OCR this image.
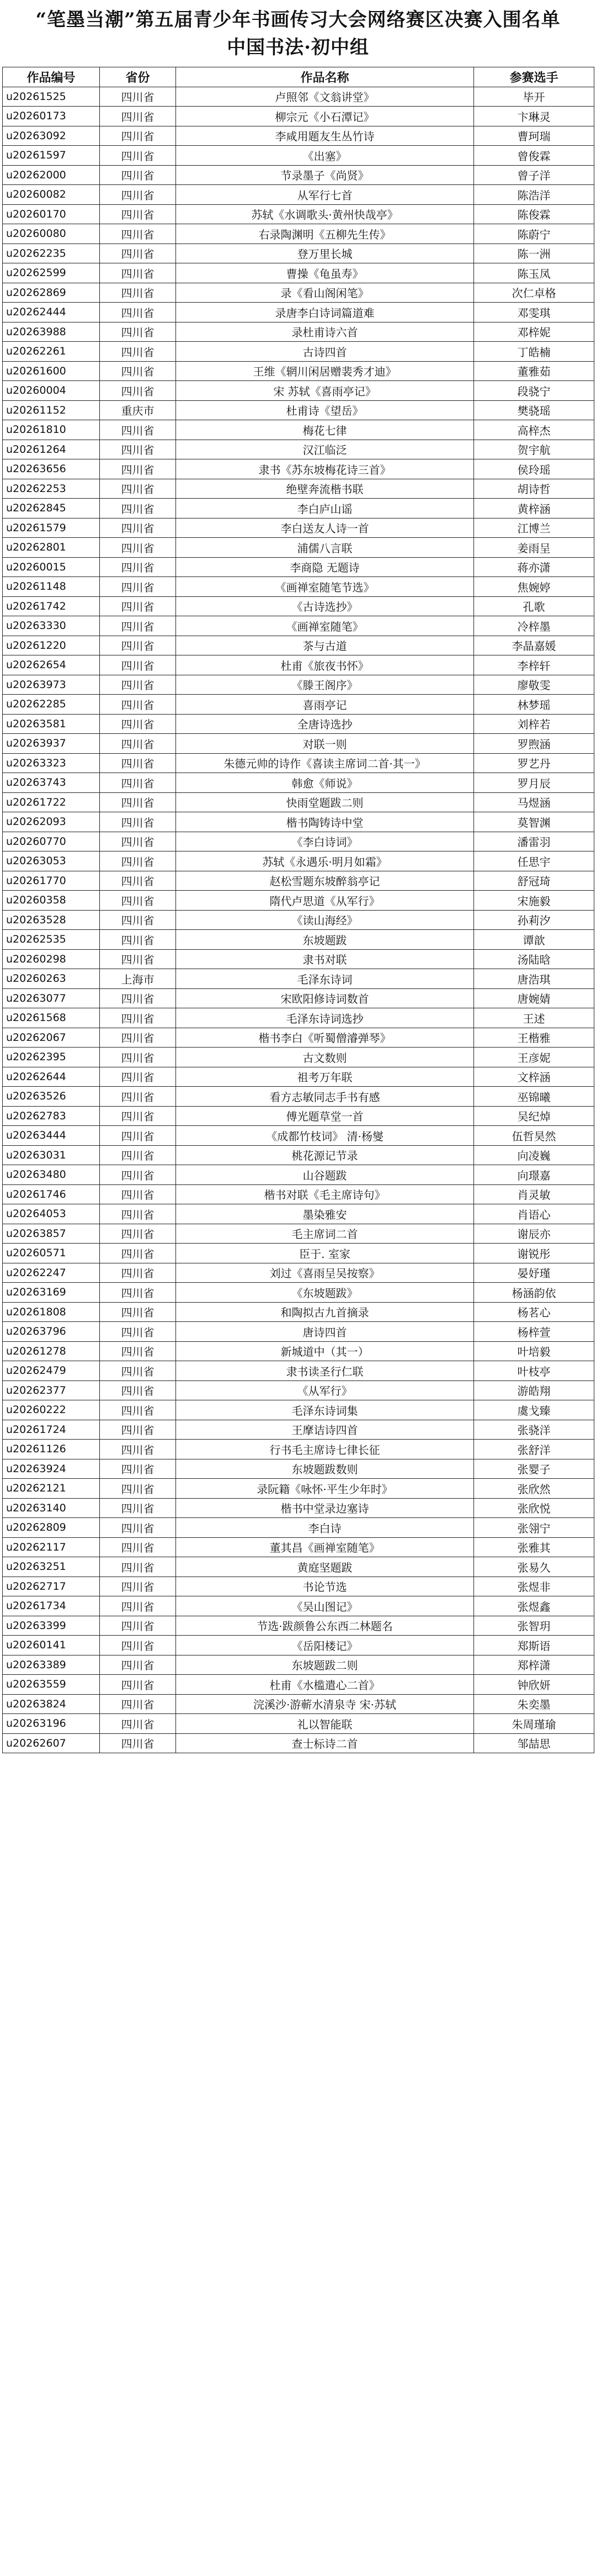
“笔墨当潮”第五届青少年书画传习大会网络赛区决赛入围名单
中国书法·初中组
作品编号	省份	作品名称	参赛选手
u20261525	四川省	卢照邻《文翁讲堂》	毕开
u20260173	四川省	柳宗元《小石潭记》	卞琳灵
u20263092	四川省	李咸用题友生丛竹诗	曹珂瑞
u20261597	四川省	《出塞》	曾俊霖
u20262000	四川省	节录墨子《尚贤》	曾子洋
u20260082	四川省	从军行七首	陈浩洋
u20260170	四川省	苏轼《水调歌头·黄州快哉亭》	陈俊霖
u20260080	四川省	右录陶渊明《五柳先生传》	陈蔚宁
u20262235	四川省	登万里长城	陈一洲
u20262599	四川省	曹操《龟虽寿》	陈玉凤
u20262869	四川省	录《看山阁闲笔》	次仁卓格
u20262444	四川省	录唐李白诗词篇道难	邓雯琪
u20263988	四川省	录杜甫诗六首	邓梓妮
u20262261	四川省	古诗四首	丁皓楠
u20261600	四川省	王维《辋川闲居赠裴秀才迪》	董雅茹
u20260004	四川省	宋 苏轼《喜雨亭记》	段骁宁
u20261152	重庆市	杜甫诗《望岳》	樊骁瑶
u20261810	四川省	梅花七律	高梓杰
u20261264	四川省	汉江临泛	贺宇航
u20263656	四川省	隶书《苏东坡梅花诗三首》	侯玲瑶
u20262253	四川省	绝壁奔流楷书联	胡诗哲
u20262845	四川省	李白庐山谣	黄梓涵
u20261579	四川省	李白送友人诗一首	江博兰
u20262801	四川省	浦儒八言联	姜雨呈
u20260015	四川省	李商隐 无题诗	蒋亦潇
u20261148	四川省	《画禅室随笔节选》	焦婉婷
u20261742	四川省	《古诗选抄》	孔歌
u20263330	四川省	《画禅室随笔》	冷梓墨
u20261220	四川省	茶与古道	李晶嘉媛
u20262654	四川省	杜甫《旅夜书怀》	李梓轩
u20263973	四川省	《滕王阁序》	廖敬雯
u20262285	四川省	喜雨亭记	林梦瑶
u20263581	四川省	全唐诗选抄	刘梓若
u20263937	四川省	对联一则	罗煦涵
u20263323	四川省	朱德元帅的诗作《喜读主席词二首·其一》	罗艺丹
u20263743	四川省	韩愈《师说》	罗月辰
u20261722	四川省	快雨堂题跋二则	马煜涵
u20262093	四川省	楷书陶铸诗中堂	莫智渊
u20260770	四川省	《李白诗词》	潘雷羽
u20263053	四川省	苏轼《永遇乐·明月如霜》	任思宇
u20261770	四川省	赵松雪题东坡醉翁亭记	舒冠琦
u20260358	四川省	隋代卢思道《从军行》	宋施毅
u20263528	四川省	《读山海经》	孙莉汐
u20262535	四川省	东坡题跋	谭歆
u20260298	四川省	隶书对联	汤陆晗
u20260263	上海市	毛泽东诗词	唐浩琪
u20263077	四川省	宋欧阳修诗词数首	唐婉婧
u20261568	四川省	毛泽东诗词选抄	王述
u20262067	四川省	楷书李白《听蜀僧濬弹琴》	王楷雅
u20262395	四川省	古文数则	王彦妮
u20262644	四川省	祖考万年联	文梓涵
u20263526	四川省	看方志敏同志手书有感	巫锦曦
u20262783	四川省	傅光题草堂一首	吴纪焯
u20263444	四川省	《成都竹枝词》 清·杨燮	伍哲昊然
u20263031	四川省	桃花源记节录	向凌巍
u20263480	四川省	山谷题跋	向璟嘉
u20261746	四川省	楷书对联《毛主席诗句》	肖灵敏
u20264053	四川省	墨染雅安	肖语心
u20263857	四川省	毛主席词二首	谢辰亦
u20260571	四川省	臣于. 室家	谢锐彤
u20262247	四川省	刘过《喜雨呈吴按察》	晏妤瑾
u20263169	四川省	《东坡题跋》	杨涵韵依
u20261808	四川省	和陶拟古九首摘录	杨茗心
u20263796	四川省	唐诗四首	杨梓萱
u20261278	四川省	新城道中（其一）	叶培毅
u20262479	四川省	隶书读圣行仁联	叶枝亭
u20262377	四川省	《从军行》	游皓翔
u20260222	四川省	毛泽东诗词集	虞戈臻
u20261724	四川省	王摩诘诗四首	张骁洋
u20261126	四川省	行书毛主席诗七律长征	张舒洋
u20263924	四川省	东坡题跋数则	张婴子
u20262121	四川省	录阮籍《咏怀·平生少年时》	张欣然
u20263140	四川省	楷书中堂录边塞诗	张欣悦
u20262809	四川省	李白诗	张翎宁
u20262117	四川省	董其昌《画禅室随笔》	张雅其
u20263251	四川省	黄庭坚题跋	张易久
u20262717	四川省	书论节选	张煜非
u20261734	四川省	《吴山图记》	张煜鑫
u20263399	四川省	节选·跋颜鲁公东西二林题名	张智玥
u20260141	四川省	《岳阳楼记》	郑斯语
u20263389	四川省	东坡题跋二则	郑梓潇
u20263559	四川省	杜甫《水槛遣心二首》	钟欣妍
u20263824	四川省	浣溪沙·游蕲水清泉寺 宋·苏轼	朱奕墨
u20263196	四川省	礼以智能联	朱周瑾瑜
u20262607	四川省	查士标诗二首	邹喆思
